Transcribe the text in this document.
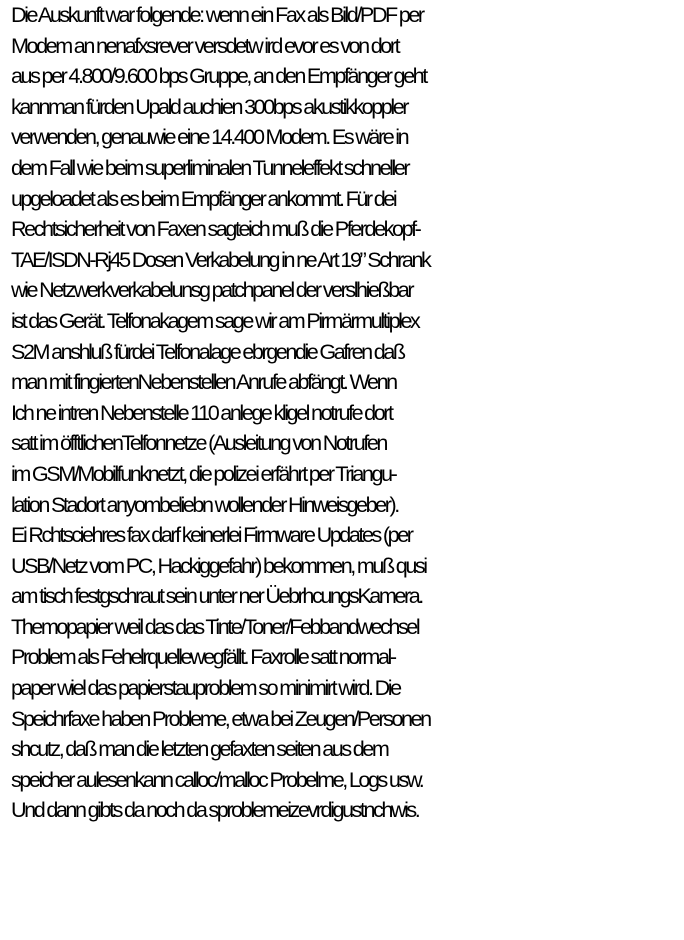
Die Auskunft war folgende: wenn ein Fax als Bild/PDF per
Modem an nenafxsrever versdetw ird evor es von dort
aus per 4.800/9.600 bps Gruppe, an den Empfänger geht
kannman fürden Upald auchien 300bps akustikkoppler
verwenden, genauwie eine 14.400 Modem. Es wäre in
dem Fall wie beim superliminalen Tunneleffekt schneller
upgeloadet als es beim Empfänger ankommt. Für dei
Rechtsicherheit von Faxen sagteich muß die Pferdekopf-
TAE/ISDN-Rj45 Dosen Verkabelung in ne Art 19” Schrank
wie Netzwerkverkabelunsg patchpanel der verslhießbar
ist das Gerät. Telfonakagem sage wir am Pirmärmultiplex
S2M anshluß fürdei Telfonalage ebrgendie Gafren daß
man mit fingiertenNebenstellen Anrufe abfängt. Wenn
Ich ne intren Nebenstelle 110 anlege kligel notrufe dort
satt im öfftlichenTelfonnetze (Ausleitung von Notrufen
im GSM/Mobilfunknetzt, die polizei erfährt per Triangu-
lation Stadort anyombeliebn wollender Hinweisgeber).
Ei Rchtsciehres fax darf keinerlei Firmware Updates (per
USB/Netz vom PC, Hackiggefahr) bekommen, muß qusi
am tisch festgschraut sein unter ner ÜebrhcungsKamera.
Themopapier weil das das Tinte/Toner/Febbandwechsel
Problem als Fehelrquellewegfällt. Faxrolle satt normal-
paper wiel das papierstauproblem so minimirt wird. Die
Speichrfaxe haben Probleme, etwa bei Zeugen/Personen
shcutz, daß man die letzten gefaxten seiten aus dem
speicher aulesenkann calloc/malloc Probelme, Logs usw.
Und dann gibts da noch da sproblemeizevrdigustnchwis.
